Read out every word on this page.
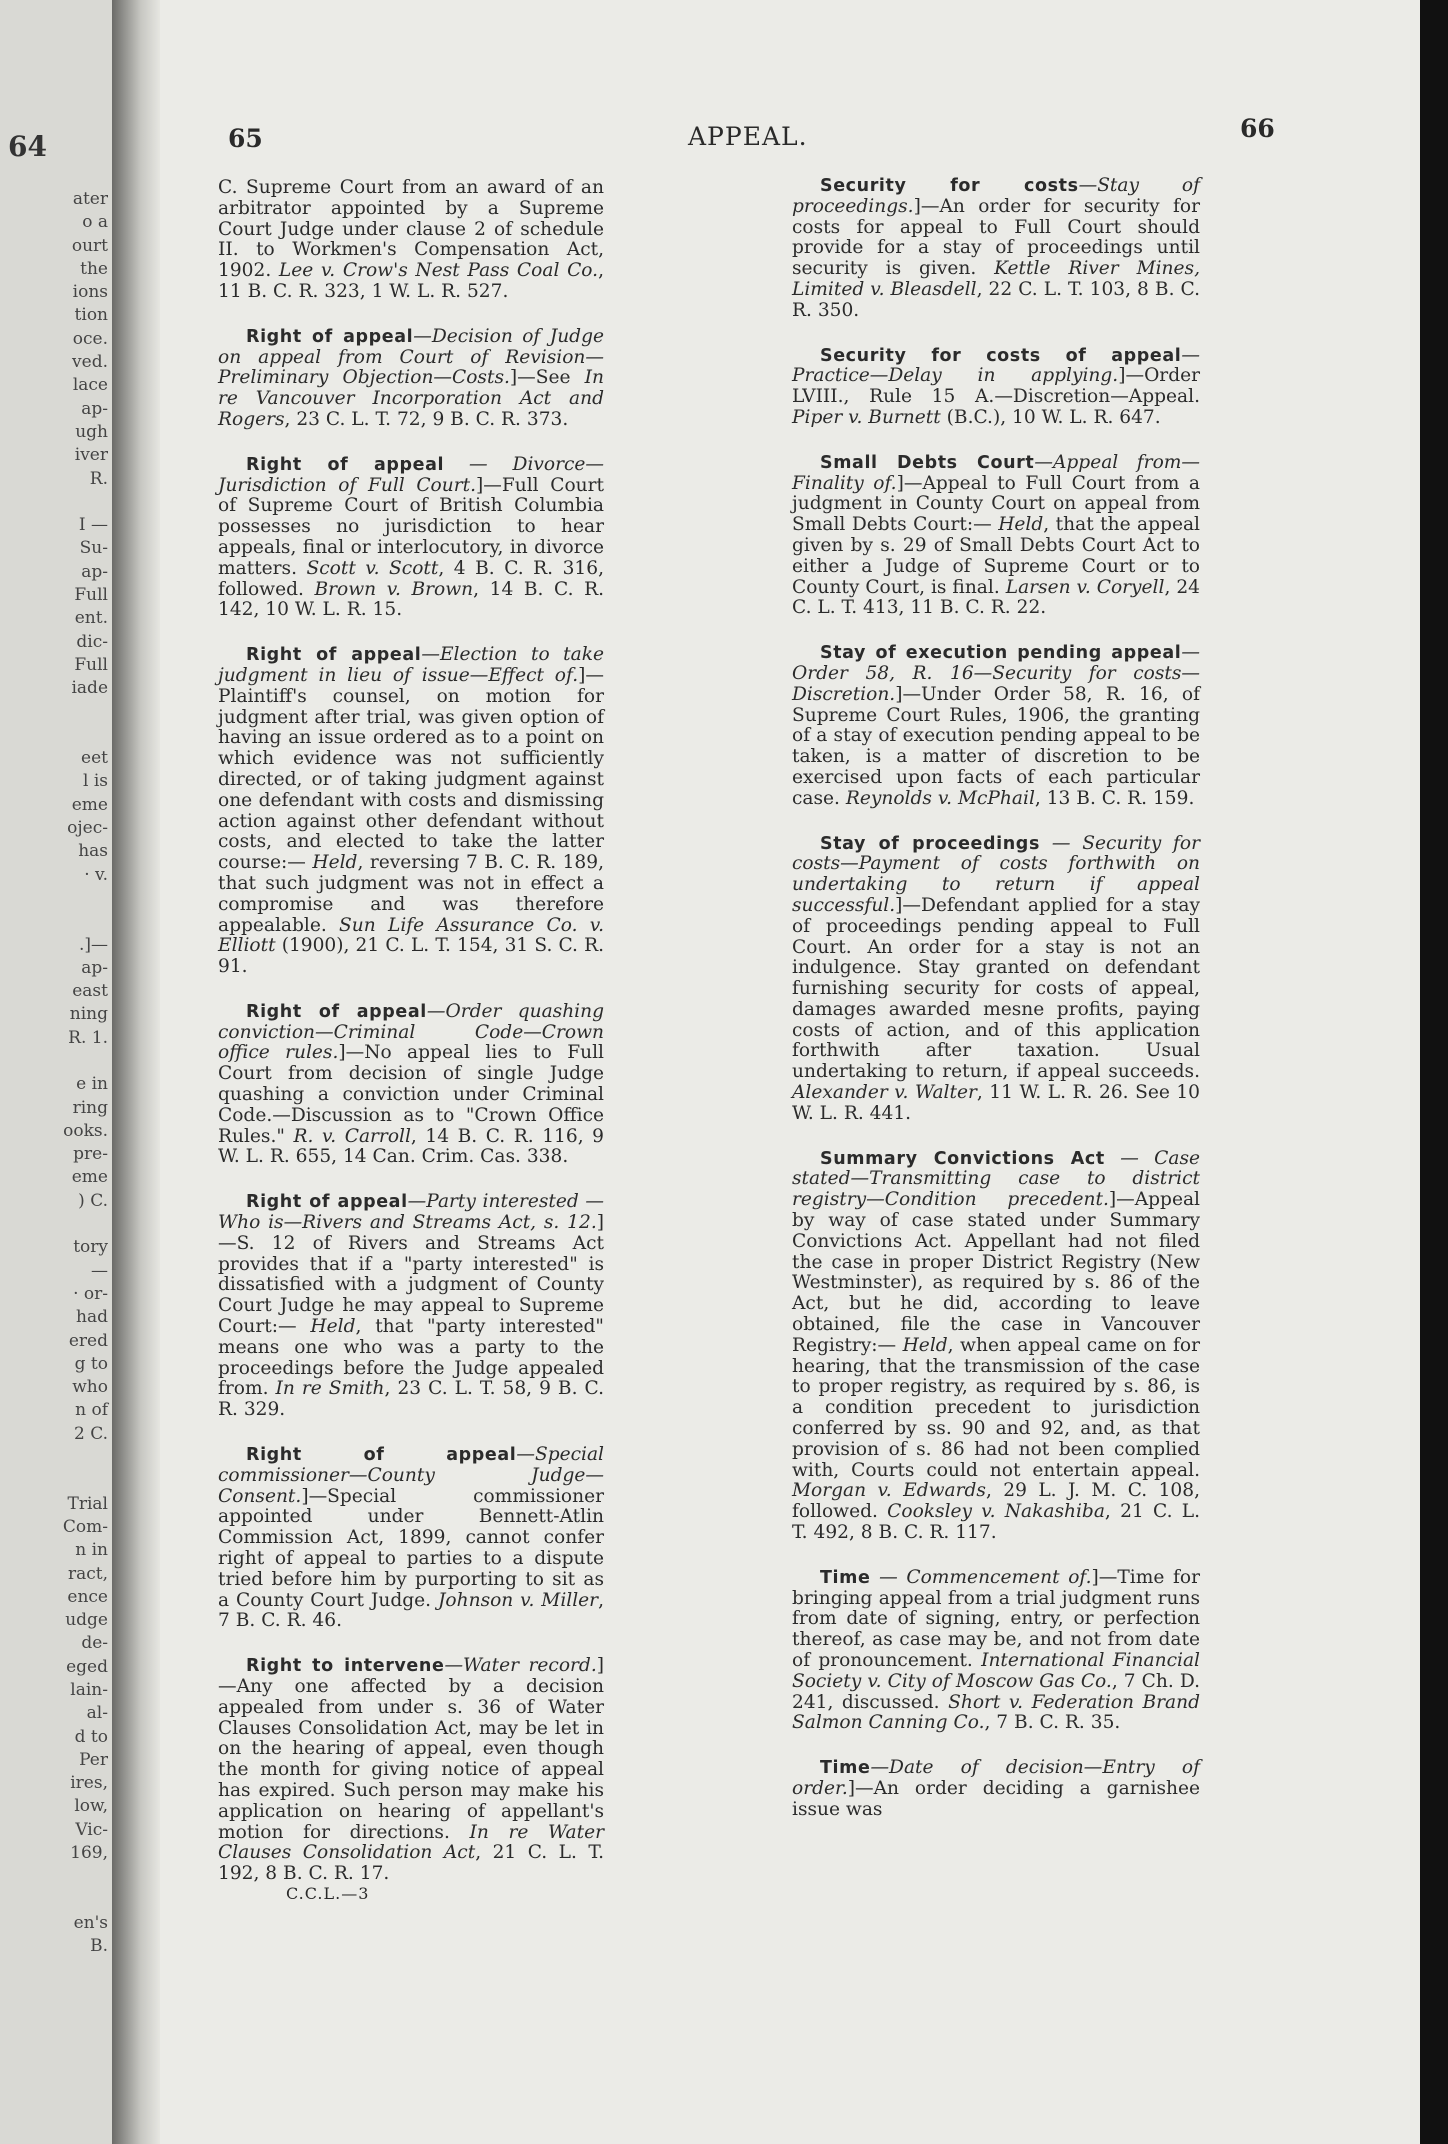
64
ater
o a
ourt
the
ions
tion
oce.
ved.
lace
ap-
ugh
iver
R.
I —
Su-
ap-
Full
ent.
dic-
Full
iade
eet
l is
eme
ojec-
has
· v.
.]—
ap-
east
ning
R. 1.
e in
ring
ooks.
pre-
eme
) C.
tory
—
· or-
had
ered
g to
who
n of
2 C.
Trial
Com-
n in
ract,
ence
udge
de-
eged
lain-
al-
d to
Per
ires,
low,
Vic-
169,
en's
B.
65	APPEAL.	66

C. Supreme Court from an award of an arbitrator appointed by a Supreme Court Judge under clause 2 of schedule II. to Workmen's Compensation Act, 1902. Lee v. Crow's Nest Pass Coal Co., 11 B. C. R. 323, 1 W. L. R. 527.

Right of appeal—Decision of Judge on appeal from Court of Revision—Preliminary Objection—Costs.]—See In re Vancouver Incorporation Act and Rogers, 23 C. L. T. 72, 9 B. C. R. 373.

Right of appeal — Divorce—Jurisdiction of Full Court.]—Full Court of Supreme Court of British Columbia possesses no jurisdiction to hear appeals, final or interlocutory, in divorce matters. Scott v. Scott, 4 B. C. R. 316, followed. Brown v. Brown, 14 B. C. R. 142, 10 W. L. R. 15.

Right of appeal—Election to take judgment in lieu of issue—Effect of.]—Plaintiff's counsel, on motion for judgment after trial, was given option of having an issue ordered as to a point on which evidence was not sufficiently directed, or of taking judgment against one defendant with costs and dismissing action against other defendant without costs, and elected to take the latter course:— Held, reversing 7 B. C. R. 189, that such judgment was not in effect a compromise and was therefore appealable. Sun Life Assurance Co. v. Elliott (1900), 21 C. L. T. 154, 31 S. C. R. 91.

Right of appeal—Order quashing conviction—Criminal Code—Crown office rules.]—No appeal lies to Full Court from decision of single Judge quashing a conviction under Criminal Code.—Discussion as to "Crown Office Rules." R. v. Carroll, 14 B. C. R. 116, 9 W. L. R. 655, 14 Can. Crim. Cas. 338.

Right of appeal—Party interested — Who is—Rivers and Streams Act, s. 12.]—S. 12 of Rivers and Streams Act provides that if a "party interested" is dissatisfied with a judgment of County Court Judge he may appeal to Supreme Court:— Held, that "party interested" means one who was a party to the proceedings before the Judge appealed from. In re Smith, 23 C. L. T. 58, 9 B. C. R. 329.

Right of appeal—Special commissioner—County Judge—Consent.]—Special commissioner appointed under Bennett-Atlin Commission Act, 1899, cannot confer right of appeal to parties to a dispute tried before him by purporting to sit as a County Court Judge. Johnson v. Miller, 7 B. C. R. 46.

Right to intervene—Water record.]—Any one affected by a decision appealed from under s. 36 of Water Clauses Consolidation Act, may be let in on the hearing of appeal, even though the month for giving notice of appeal has expired. Such person may make his application on hearing of appellant's motion for directions. In re Water Clauses Consolidation Act, 21 C. L. T. 192, 8 B. C. R. 17.

Security for costs—Stay of proceedings.]—An order for security for costs for appeal to Full Court should provide for a stay of proceedings until security is given. Kettle River Mines, Limited v. Bleasdell, 22 C. L. T. 103, 8 B. C. R. 350.

Security for costs of appeal—Practice—Delay in applying.]—Order LVIII., Rule 15 A.—Discretion—Appeal. Piper v. Burnett (B.C.), 10 W. L. R. 647.

Small Debts Court—Appeal from—Finality of.]—Appeal to Full Court from a judgment in County Court on appeal from Small Debts Court:— Held, that the appeal given by s. 29 of Small Debts Court Act to either a Judge of Supreme Court or to County Court, is final. Larsen v. Coryell, 24 C. L. T. 413, 11 B. C. R. 22.

Stay of execution pending appeal—Order 58, R. 16—Security for costs—Discretion.]—Under Order 58, R. 16, of Supreme Court Rules, 1906, the granting of a stay of execution pending appeal to be taken, is a matter of discretion to be exercised upon facts of each particular case. Reynolds v. McPhail, 13 B. C. R. 159.

Stay of proceedings — Security for costs—Payment of costs forthwith on undertaking to return if appeal successful.]—Defendant applied for a stay of proceedings pending appeal to Full Court. An order for a stay is not an indulgence. Stay granted on defendant furnishing security for costs of appeal, damages awarded mesne profits, paying costs of action, and of this application forthwith after taxation. Usual undertaking to return, if appeal succeeds. Alexander v. Walter, 11 W. L. R. 26. See 10 W. L. R. 441.

Summary Convictions Act — Case stated—Transmitting case to district registry—Condition precedent.]—Appeal by way of case stated under Summary Convictions Act. Appellant had not filed the case in proper District Registry (New Westminster), as required by s. 86 of the Act, but he did, according to leave obtained, file the case in Vancouver Registry:— Held, when appeal came on for hearing, that the transmission of the case to proper registry, as required by s. 86, is a condition precedent to jurisdiction conferred by ss. 90 and 92, and, as that provision of s. 86 had not been complied with, Courts could not entertain appeal. Morgan v. Edwards, 29 L. J. M. C. 108, followed. Cooksley v. Nakashiba, 21 C. L. T. 492, 8 B. C. R. 117.

Time — Commencement of.]—Time for bringing appeal from a trial judgment runs from date of signing, entry, or perfection thereof, as case may be, and not from date of pronouncement. International Financial Society v. City of Moscow Gas Co., 7 Ch. D. 241, discussed. Short v. Federation Brand Salmon Canning Co., 7 B. C. R. 35.

Time—Date of decision—Entry of order.]—An order deciding a garnishee issue was

C.C.L.—3
